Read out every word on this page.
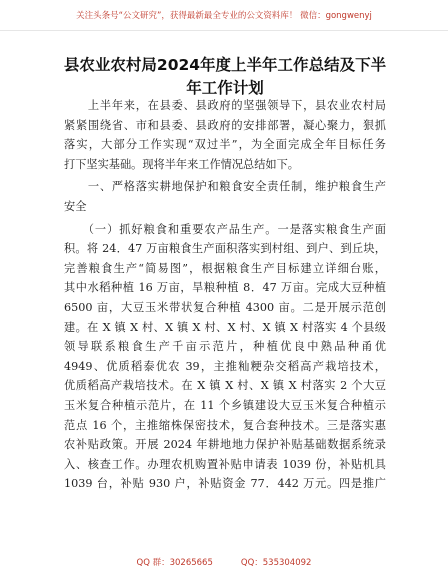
关注头条号“公文研究”，获得最新最全专业的公文资料库！ 微信：gongwenyj
县农业农村局2024年度上半年工作总结及下半
年工作计划
　　上半年来，在县委、县政府的坚强领导下，县农业农村局
紧紧围绕省、市和县委、县政府的安排部署，凝心聚力，狠抓
落实，大部分工作实现“双过半”，为全面完成全年目标任务
打下坚实基础。现将半年来工作情况总结如下。
　　一、严格落实耕地保护和粮食安全责任制，维护粮食生产
安全
　　（一）抓好粮食和重要农产品生产。一是落实粮食生产面
积。将 24．47 万亩粮食生产面积落实到村组、到户、到丘块，
完善粮食生产“简易图”，根据粮食生产目标建立详细台账，
其中水稻种植 16 万亩，旱粮种植 8．47 万亩。完成大豆种植
6500 亩，大豆玉米带状复合种植 4300 亩。二是开展示范创
建。在 X 镇 X 村、X 镇 X 村、X 村、X 镇 X 村落实 4 个县级
领导联系粮食生产千亩示范片，种植优良中熟品种甬优
4949、优质稻泰优农 39，主推籼粳杂交稻高产栽培技术，
优质稻高产栽培技术。在 X 镇 X 村、X 镇 X 村落实 2 个大豆
玉米复合种植示范片，在 11 个乡镇建设大豆玉米复合种植示
范点 16 个，主推缩株保密技术，复合套种技术。三是落实惠
农补贴政策。开展 2024 年耕地地力保护补贴基础数据系统录
入、核查工作。办理农机购置补贴申请表 1039 份，补贴机具
1039 台，补贴 930 户，补贴资金 77．442 万元。四是推广
QQ 群：30265665	QQ：535304092
